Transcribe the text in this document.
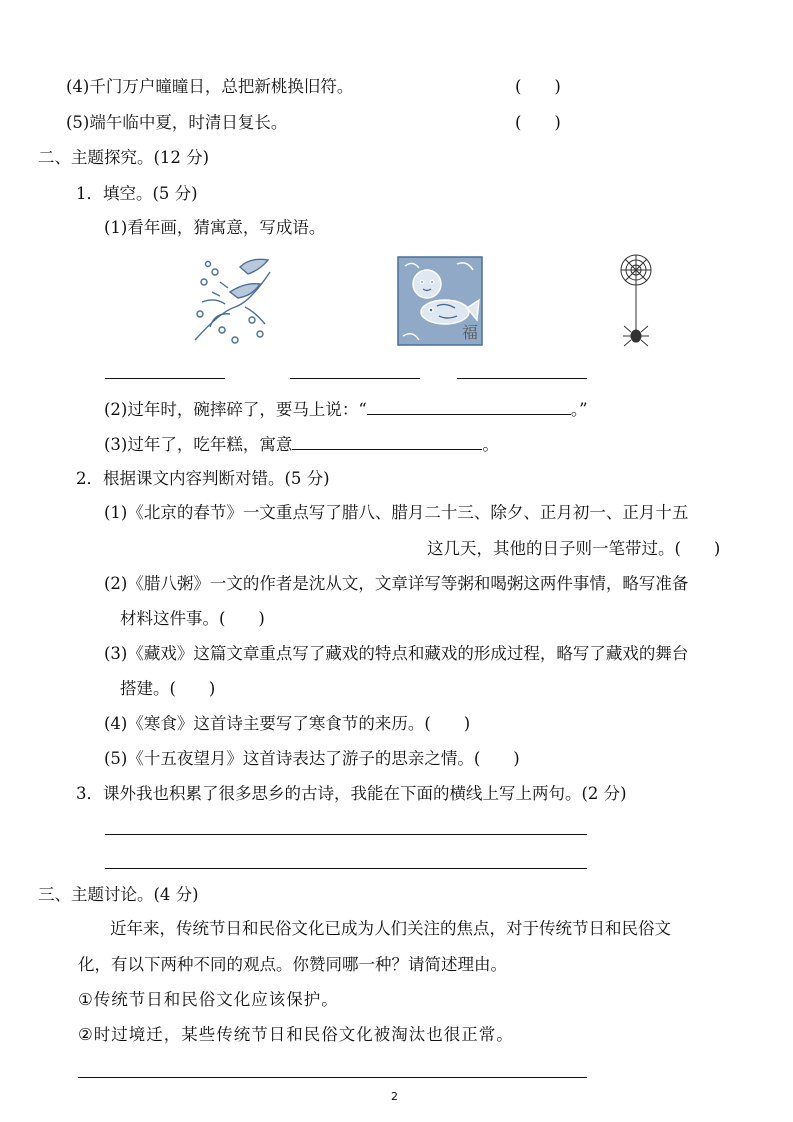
(4)千门万户曈曈日，总把新桃换旧符。	(　　)
(5)端午临中夏，时清日复长。	(　　)
二、主题探究。(12 分)
1．填空。(5 分)
(1)看年画，猜寓意，写成语。
福
(2)过年时，碗摔碎了，要马上说：“	。”
(3)过年了，吃年糕，寓意	。
2．根据课文内容判断对错。(5 分)
(1)《北京的春节》一文重点写了腊八、腊月二十三、除夕、正月初一、正月十五
这几天，其他的日子则一笔带过。(　　)
(2)《腊八粥》一文的作者是沈从文，文章详写等粥和喝粥这两件事情，略写准备
材料这件事。(　　)
(3)《藏戏》这篇文章重点写了藏戏的特点和藏戏的形成过程，略写了藏戏的舞台
搭建。(　　)
(4)《寒食》这首诗主要写了寒食节的来历。(　　)
(5)《十五夜望月》这首诗表达了游子的思亲之情。(　　)
3．课外我也积累了很多思乡的古诗，我能在下面的横线上写上两句。(2 分)
三、主题讨论。(4 分)
近年来，传统节日和民俗文化已成为人们关注的焦点，对于传统节日和民俗文
化，有以下两种不同的观点。你赞同哪一种？请简述理由。
①传统节日和民俗文化应该保护。
②时过境迁，某些传统节日和民俗文化被淘汰也很正常。
2
